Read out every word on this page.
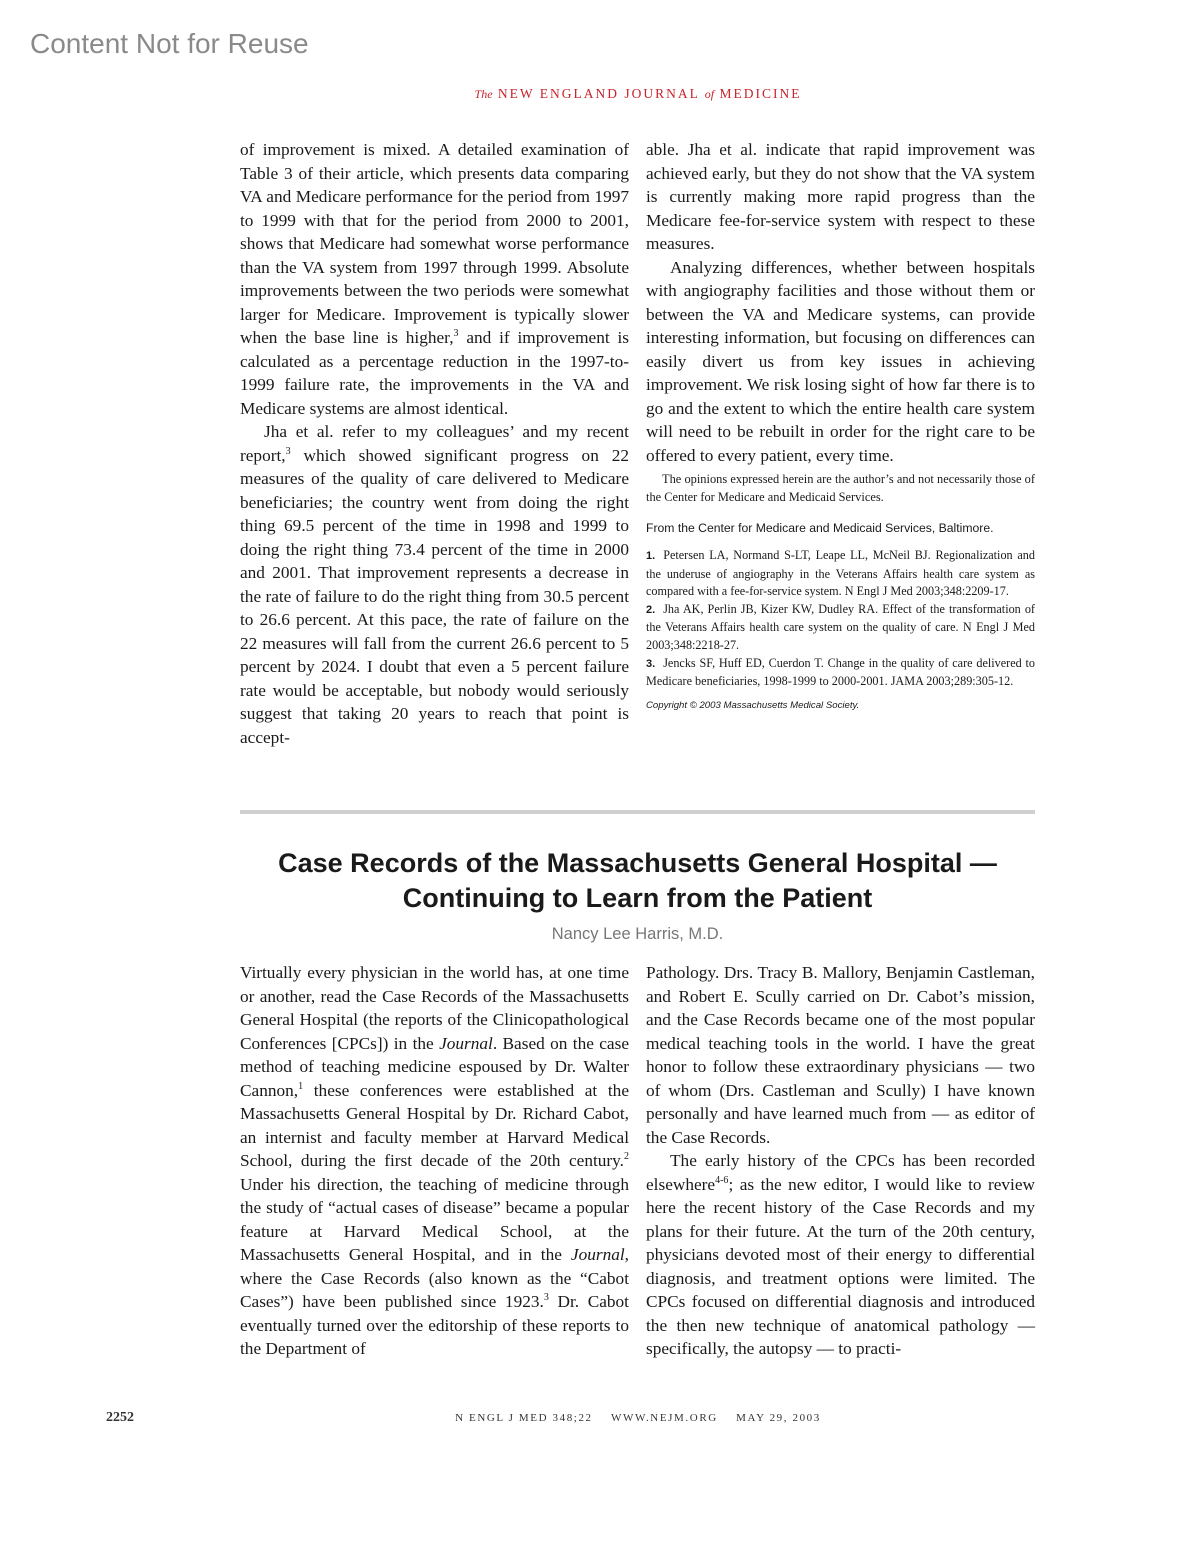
Content Not for Reuse
The NEW ENGLAND JOURNAL of MEDICINE

of improvement is mixed. A detailed examination of Table 3 of their article, which presents data comparing VA and Medicare performance for the period from 1997 to 1999 with that for the period from 2000 to 2001, shows that Medicare had somewhat worse performance than the VA system from 1997 through 1999. Absolute improvements between the two periods were somewhat larger for Medicare. Improvement is typically slower when the base line is higher,$^3$ and if improvement is calculated as a percentage reduction in the 1997-to-1999 failure rate, the improvements in the VA and Medicare systems are almost identical.

Jha et al. refer to my colleagues’ and my recent report,$^3$ which showed significant progress on 22 measures of the quality of care delivered to Medicare beneficiaries; the country went from doing the right thing 69.5 percent of the time in 1998 and 1999 to doing the right thing 73.4 percent of the time in 2000 and 2001. That improvement represents a decrease in the rate of failure to do the right thing from 30.5 percent to 26.6 percent. At this pace, the rate of failure on the 22 measures will fall from the current 26.6 percent to 5 percent by 2024. I doubt that even a 5 percent failure rate would be acceptable, but nobody would seriously suggest that taking 20 years to reach that point is accept-

able. Jha et al. indicate that rapid improvement was achieved early, but they do not show that the VA system is currently making more rapid progress than the Medicare fee-for-service system with respect to these measures.

Analyzing differences, whether between hospitals with angiography facilities and those without them or between the VA and Medicare systems, can provide interesting information, but focusing on differences can easily divert us from key issues in achieving improvement. We risk losing sight of how far there is to go and the extent to which the entire health care system will need to be rebuilt in order for the right care to be offered to every patient, every time.

The opinions expressed herein are the author’s and not necessarily those of the Center for Medicare and Medicaid Services.

From the Center for Medicare and Medicaid Services, Baltimore.

1. Petersen LA, Normand S-LT, Leape LL, McNeil BJ. Regionalization and the underuse of angiography in the Veterans Affairs health care system as compared with a fee-for-service system. N Engl J Med 2003;348:2209-17.

2. Jha AK, Perlin JB, Kizer KW, Dudley RA. Effect of the transformation of the Veterans Affairs health care system on the quality of care. N Engl J Med 2003;348:2218-27.

3. Jencks SF, Huff ED, Cuerdon T. Change in the quality of care delivered to Medicare beneficiaries, 1998-1999 to 2000-2001. JAMA 2003;289:305-12.

Copyright © 2003 Massachusetts Medical Society.

Case Records of the Massachusetts General Hospital —
Continuing to Learn from the Patient
Nancy Lee Harris, M.D.

Virtually every physician in the world has, at one time or another, read the Case Records of the Massachusetts General Hospital (the reports of the Clinicopathological Conferences [CPCs]) in the Journal. Based on the case method of teaching medicine espoused by Dr. Walter Cannon,$^1$ these conferences were established at the Massachusetts General Hospital by Dr. Richard Cabot, an internist and faculty member at Harvard Medical School, during the first decade of the 20th century.$^2$ Under his direction, the teaching of medicine through the study of “actual cases of disease” became a popular feature at Harvard Medical School, at the Massachusetts General Hospital, and in the Journal, where the Case Records (also known as the “Cabot Cases”) have been published since 1923.$^3$ Dr. Cabot eventually turned over the editorship of these reports to the Department of

Pathology. Drs. Tracy B. Mallory, Benjamin Castleman, and Robert E. Scully carried on Dr. Cabot’s mission, and the Case Records became one of the most popular medical teaching tools in the world. I have the great honor to follow these extraordinary physicians — two of whom (Drs. Castleman and Scully) I have known personally and have learned much from — as editor of the Case Records.

The early history of the CPCs has been recorded elsewhere$^{4-6}$; as the new editor, I would like to review here the recent history of the Case Records and my plans for their future. At the turn of the 20th century, physicians devoted most of their energy to differential diagnosis, and treatment options were limited. The CPCs focused on differential diagnosis and introduced the then new technique of anatomical pathology — specifically, the autopsy — to practi-

2252	N ENGL J MED 348;22 WWW.NEJM.ORG MAY 29, 2003
